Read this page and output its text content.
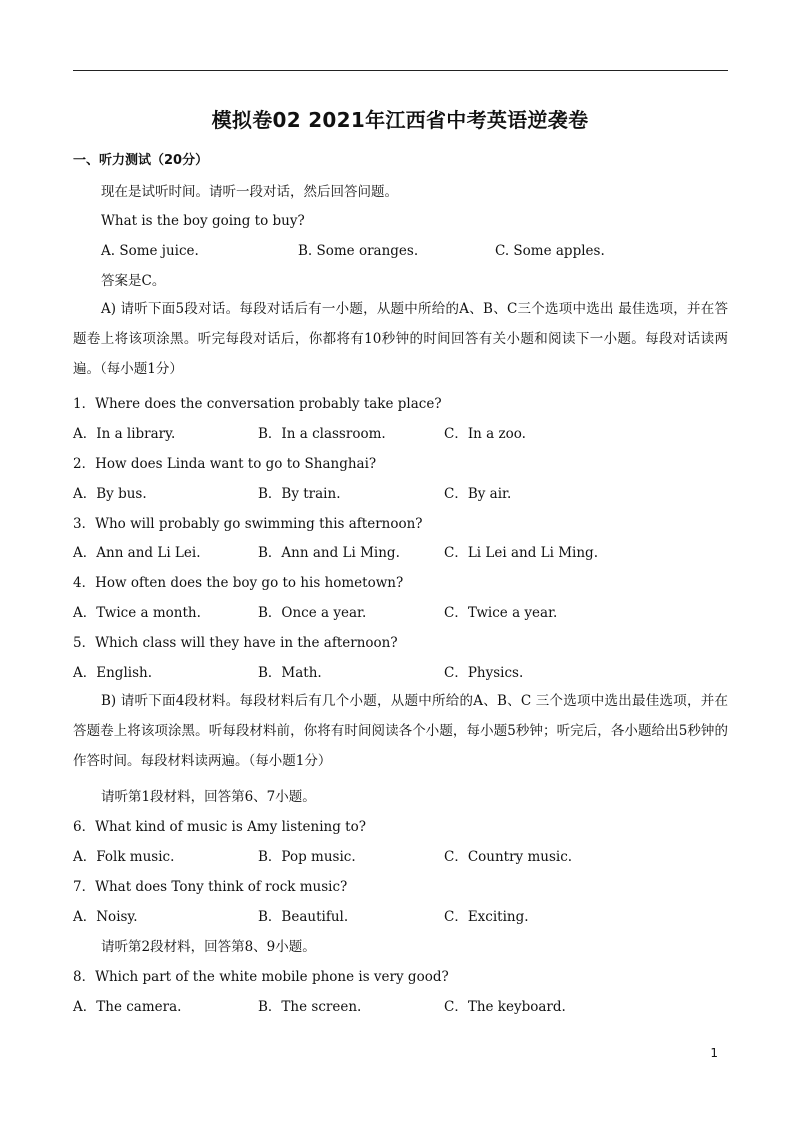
模拟卷02 2021年江西省中考英语逆袭卷
一、听力测试（20分）
现在是试听时间。请听一段对话，然后回答问题。
What is the boy going to buy?
A. Some juice.	B. Some oranges.	C. Some apples.
答案是C。
A) 请听下面5段对话。每段对话后有一小题，从题中所给的A、B、C三个选项中选出 最佳选项，并在答题卷上将该项涂黑。听完每段对话后，你都将有10秒钟的时间回答有关小题和阅读下一小题。每段对话读两遍。（每小题1分）
1．Where does the conversation probably take place?
A．In a library.	B．In a classroom.	C．In a zoo.
2．How does Linda want to go to Shanghai?
A．By bus.	B．By train.	C．By air.
3．Who will probably go swimming this afternoon?
A．Ann and Li Lei.	B．Ann and Li Ming.	C．Li Lei and Li Ming.
4．How often does the boy go to his hometown?
A．Twice a month.	B．Once a year.	C．Twice a year.
5．Which class will they have in the afternoon?
A．English.	B．Math.	C．Physics.
B) 请听下面4段材料。每段材料后有几个小题，从题中所给的A、B、C 三个选项中选出最佳选项，并在答题卷上将该项涂黑。听每段材料前，你将有时间阅读各个小题，每小题5秒钟；听完后，各小题给出5秒钟的作答时间。每段材料读两遍。（每小题1分）
请听第1段材料，回答第6、7小题。
6．What kind of music is Amy listening to?
A．Folk music.	B．Pop music.	C．Country music.
7．What does Tony think of rock music?
A．Noisy.	B．Beautiful.	C．Exciting.
请听第2段材料，回答第8、9小题。
8．Which part of the white mobile phone is very good?
A．The camera.	B．The screen.	C．The keyboard.
1
